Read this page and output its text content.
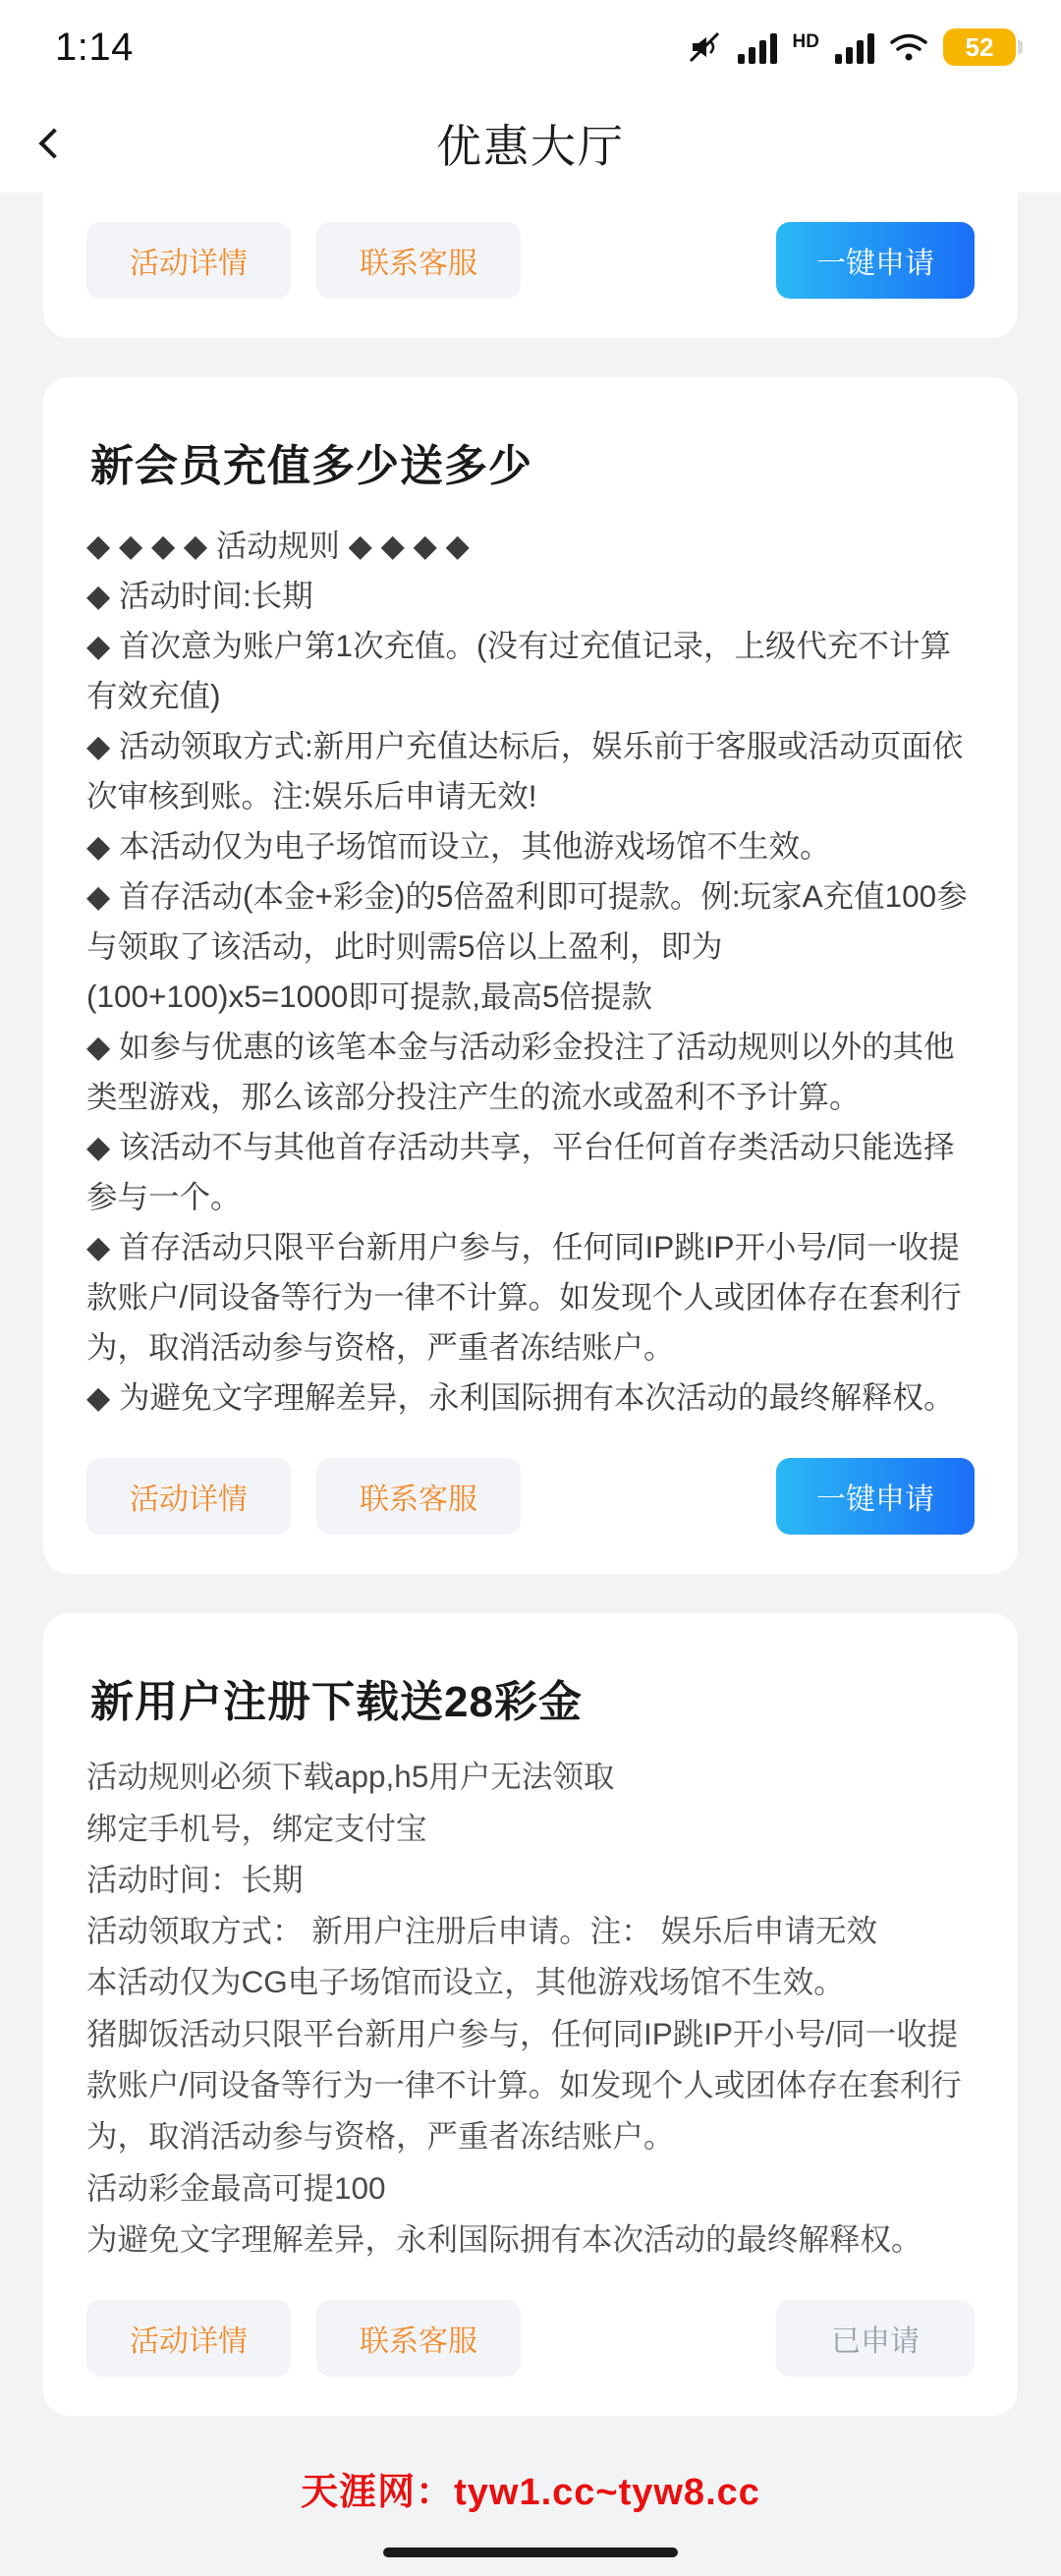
1:14	HD	52
优惠大厅
活动详情	联系客服	一键申请
新会员充值多少送多少

◆ ◆ ◆ ◆ 活动规则 ◆ ◆ ◆ ◆

◆ 活动时间:长期

◆ 首次意为账户第1次充值。(没有过充值记录，上级代充不计算有效充值)

◆ 活动领取方式:新用户充值达标后，娱乐前于客服或活动页面依次审核到账。注:娱乐后申请无效!

◆ 本活动仅为电子场馆而设立，其他游戏场馆不生效。

◆ 首存活动(本金+彩金)的5倍盈利即可提款。例:玩家A充值100参与领取了该活动，此时则需5倍以上盈利，即为(100+100)x5=1000即可提款,最高5倍提款

◆ 如参与优惠的该笔本金与活动彩金投注了活动规则以外的其他类型游戏，那么该部分投注产生的流水或盈利不予计算。

◆ 该活动不与其他首存活动共享，平台任何首存类活动只能选择参与一个。

◆ 首存活动只限平台新用户参与，任何同IP跳IP开小号/同一收提款账户/同设备等行为一律不计算。如发现个人或团体存在套利行为，取消活动参与资格，严重者冻结账户。

◆ 为避免文字理解差异，永利国际拥有本次活动的最终解释权。

活动详情	联系客服	一键申请
新用户注册下载送28彩金

活动规则必须下载app,h5用户无法领取

绑定手机号，绑定支付宝

活动时间：长期

活动领取方式： 新用户注册后申请。注： 娱乐后申请无效

本活动仅为CG电子场馆而设立，其他游戏场馆不生效。

猪脚饭活动只限平台新用户参与，任何同IP跳IP开小号/同一收提款账户/同设备等行为一律不计算。如发现个人或团体存在套利行为，取消活动参与资格，严重者冻结账户。

活动彩金最高可提100

为避免文字理解差异，永利国际拥有本次活动的最终解释权。

活动详情	联系客服	已申请
天涯网：tyw1.cc~tyw8.cc
